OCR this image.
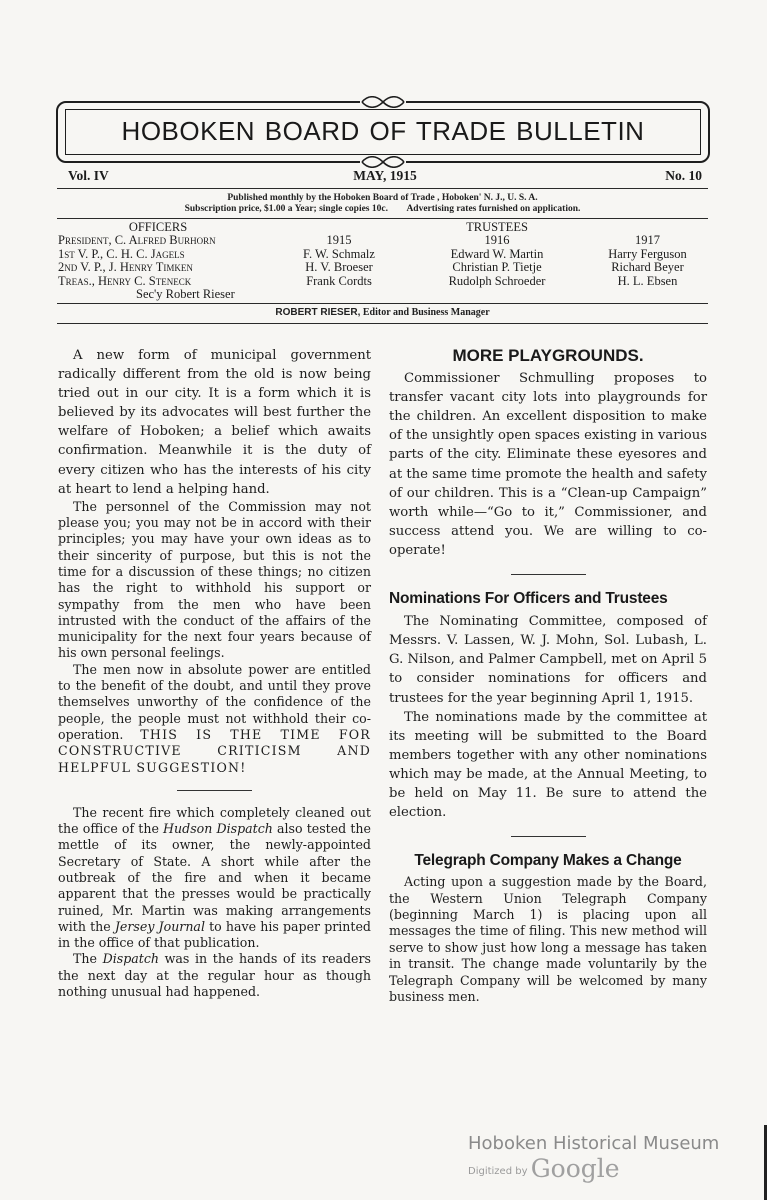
HOBOKEN BOARD OF TRADE BULLETIN
Vol. IV	MAY, 1915	No. 10
Published monthly by the Hoboken Board of Trade , Hoboken' N. J., U. S. A.
Subscription price, $1.00 a Year; single copies 10c.        Advertising rates furnished on application.
OFFICERS
President, C. Alfred Burhorn
1st V. P., C. H. C. Jagels
2nd V. P., J. Henry Timken
Treas., Henry C. Steneck
Sec'y Robert Rieser
TRUSTEES
1915
F. W. Schmalz
H. V. Broeser
Frank Cordts
1916
Edward W. Martin
Christian P. Tietje
Rudolph Schroeder
1917
Harry Ferguson
Richard Beyer
H. L. Ebsen
ROBERT RIESER, Editor and Business Manager

A new form of municipal government radically different from the old is now being tried out in our city. It is a form which it is believed by its advocates will best further the welfare of Hoboken; a belief which awaits confirmation. Meanwhile it is the duty of every citizen who has the interests of his city at heart to lend a helping hand.

The personnel of the Commission may not please you; you may not be in accord with their principles; you may have your own ideas as to their sincerity of purpose, but this is not the time for a discussion of these things; no citizen has the right to withhold his support or sympathy from the men who have been intrusted with the conduct of the affairs of the municipality for the next four years because of his own personal feelings.

The men now in absolute power are entitled to the benefit of the doubt, and until they prove themselves unworthy of the confidence of the people, the people must not withhold their co-operation. THIS IS THE TIME FOR CONSTRUCTIVE CRITICISM AND HELPFUL SUGGESTION!

The recent fire which completely cleaned out the office of the Hudson Dispatch also tested the mettle of its owner, the newly-appointed Secretary of State. A short while after the outbreak of the fire and when it became apparent that the presses would be practically ruined, Mr. Martin was making arrangements with the Jersey Journal to have his paper printed in the office of that publication.

The Dispatch was in the hands of its readers the next day at the regular hour as though nothing unusual had happened.

MORE PLAYGROUNDS.

Commissioner Schmulling proposes to transfer vacant city lots into playgrounds for the children. An excellent disposition to make of the unsightly open spaces existing in various parts of the city. Eliminate these eyesores and at the same time promote the health and safety of our children. This is a “Clean-up Campaign” worth while—“Go to it,” Commissioner, and success attend you. We are willing to co-operate!

Nominations For Officers and Trustees

The Nominating Committee, composed of Messrs. V. Lassen, W. J. Mohn, Sol. Lubash, L. G. Nilson, and Palmer Campbell, met on April 5 to consider nominations for officers and trustees for the year beginning April 1, 1915.

The nominations made by the committee at its meeting will be submitted to the Board members together with any other nominations which may be made, at the Annual Meeting, to be held on May 11. Be sure to attend the election.

Telegraph Company Makes a Change

Acting upon a suggestion made by the Board, the Western Union Telegraph Company (beginning March 1) is placing upon all messages the time of filing. This new method will serve to show just how long a message has taken in transit. The change made voluntarily by the Telegraph Company will be welcomed by many business men.

Hoboken Historical Museum
Digitized by Google
